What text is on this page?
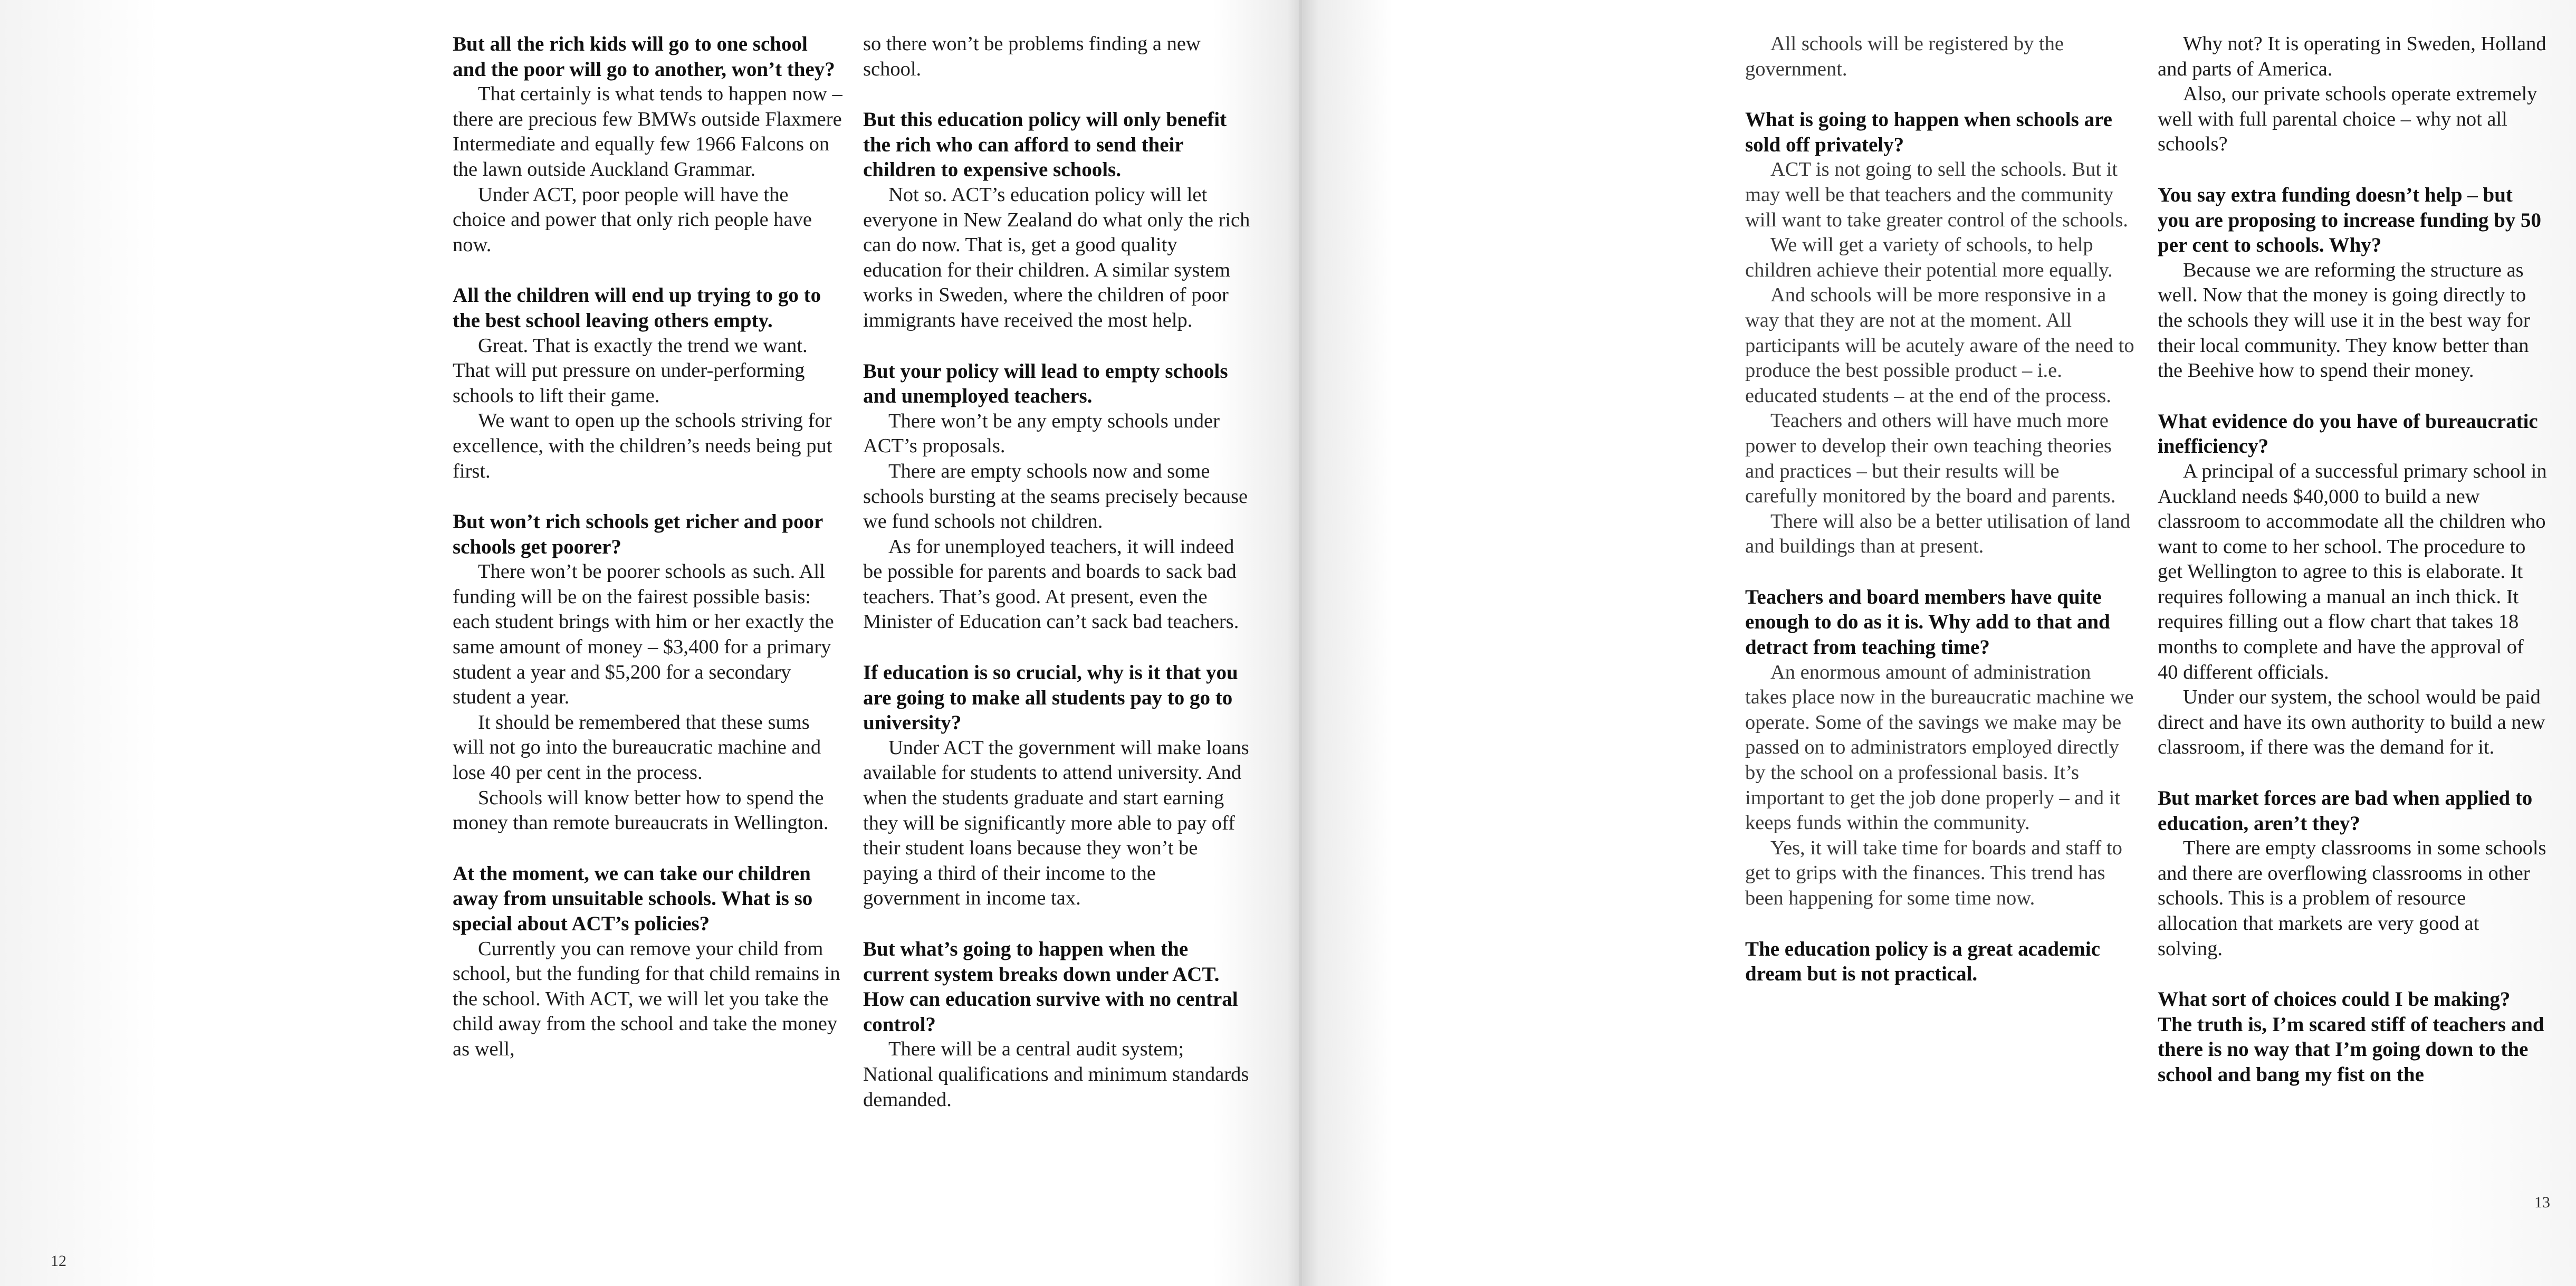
But all the rich kids will go to one school and the poor will go to another, won’t they?

That certainly is what tends to happen now – there are precious few BMWs outside Flaxmere Intermediate and equally few 1966 Falcons on the lawn outside Auckland Grammar.

Under ACT, poor people will have the choice and power that only rich people have now.

All the children will end up trying to go to the best school leaving others empty.

Great. That is exactly the trend we want. That will put pressure on under-performing schools to lift their game.

We want to open up the schools striving for excellence, with the children’s needs being put first.

But won’t rich schools get richer and poor schools get poorer?

There won’t be poorer schools as such. All funding will be on the fairest possible basis: each student brings with him or her exactly the same amount of money – $3,400 for a primary student a year and $5,200 for a secondary student a year.

It should be remembered that these sums will not go into the bureaucratic machine and lose 40 per cent in the process.

Schools will know better how to spend the money than remote bureaucrats in Wellington.

At the moment, we can take our children away from unsuitable schools. What is so special about ACT’s policies?

Currently you can remove your child from school, but the funding for that child remains in the school. With ACT, we will let you take the child away from the school and take the money as well,

so there won’t be problems finding a new school.

But this education policy will only benefit the rich who can afford to send their children to expensive schools.

Not so. ACT’s education policy will let everyone in New Zealand do what only the rich can do now. That is, get a good quality education for their children. A similar system works in Sweden, where the children of poor immigrants have received the most help.

But your policy will lead to empty schools and unemployed teachers.

There won’t be any empty schools under ACT’s proposals.

There are empty schools now and some schools bursting at the seams precisely because we fund schools not children.

As for unemployed teachers, it will indeed be possible for parents and boards to sack bad teachers. That’s good. At present, even the Minister of Education can’t sack bad teachers.

If education is so crucial, why is it that you are going to make all students pay to go to university?

Under ACT the government will make loans available for students to attend university. And when the students graduate and start earning they will be significantly more able to pay off their student loans because they won’t be paying a third of their income to the government in income tax.

But what’s going to happen when the current system breaks down under ACT. How can education survive with no central control?

There will be a central audit system; National qualifications and minimum standards demanded.

All schools will be registered by the government.

What is going to happen when schools are sold off privately?

ACT is not going to sell the schools. But it may well be that teachers and the community will want to take greater control of the schools.

We will get a variety of schools, to help children achieve their potential more equally.

And schools will be more responsive in a way that they are not at the moment. All participants will be acutely aware of the need to produce the best possible product – i.e. educated students – at the end of the process.

Teachers and others will have much more power to develop their own teaching theories and practices – but their results will be carefully monitored by the board and parents.

There will also be a better utilisation of land and buildings than at present.

Teachers and board members have quite enough to do as it is. Why add to that and detract from teaching time?

An enormous amount of administration takes place now in the bureaucratic machine we operate. Some of the savings we make may be passed on to administrators employed directly by the school on a professional basis. It’s important to get the job done properly – and it keeps funds within the community.

Yes, it will take time for boards and staff to get to grips with the finances. This trend has been happening for some time now.

The education policy is a great academic dream but is not practical.

Why not? It is operating in Sweden, Holland and parts of America.

Also, our private schools operate extremely well with full parental choice – why not all schools?

You say extra funding doesn’t help – but you are proposing to increase funding by 50 per cent to schools. Why?

Because we are reforming the structure as well. Now that the money is going directly to the schools they will use it in the best way for their local community. They know better than the Beehive how to spend their money.

What evidence do you have of bureaucratic inefficiency?

A principal of a successful primary school in Auckland needs $40,000 to build a new classroom to accommodate all the children who want to come to her school. The procedure to get Wellington to agree to this is elaborate. It requires following a manual an inch thick. It requires filling out a flow chart that takes 18 months to complete and have the approval of 40 different officials.

Under our system, the school would be paid direct and have its own authority to build a new classroom, if there was the demand for it.

But market forces are bad when applied to education, aren’t they?

There are empty classrooms in some schools and there are overflowing classrooms in other schools. This is a problem of resource allocation that markets are very good at solving.

What sort of choices could I be making? The truth is, I’m scared stiff of teachers and there is no way that I’m going down to the school and bang my fist on the
12
13
